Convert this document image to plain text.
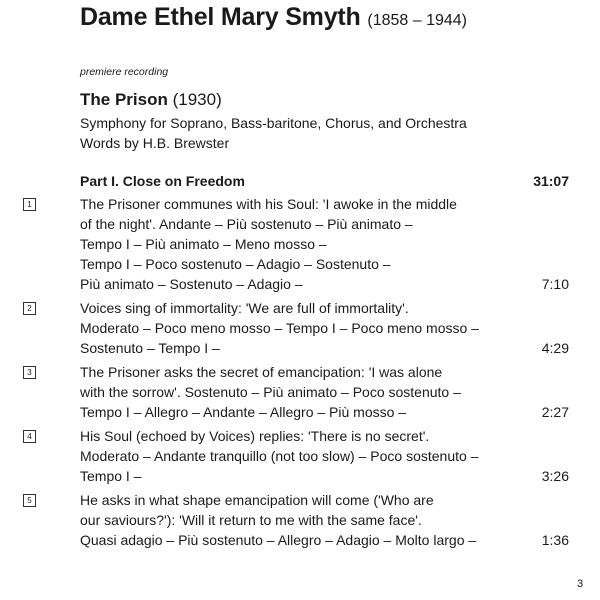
Dame Ethel Mary Smyth (1858 – 1944)
premiere recording
The Prison (1930)
Symphony for Soprano, Bass-baritone, Chorus, and Orchestra
Words by H.B. Brewster
Part I. Close on Freedom	31:07
1	The Prisoner communes with his Soul: 'I awoke in the middle
of the night'. Andante – Più sostenuto – Più animato –
Tempo I – Più animato – Meno mosso –
Tempo I – Poco sostenuto – Adagio – Sostenuto –
Più animato – Sostenuto – Adagio –	7:10
2	Voices sing of immortality: 'We are full of immortality'.
Moderato – Poco meno mosso – Tempo I – Poco meno mosso –
Sostenuto – Tempo I –	4:29
3	The Prisoner asks the secret of emancipation: 'I was alone
with the sorrow'. Sostenuto – Più animato – Poco sostenuto –
Tempo I – Allegro – Andante – Allegro – Più mosso –	2:27
4	His Soul (echoed by Voices) replies: 'There is no secret'.
Moderato – Andante tranquillo (not too slow) – Poco sostenuto –
Tempo I –	3:26
5	He asks in what shape emancipation will come ('Who are
our saviours?'): 'Will it return to me with the same face'.
Quasi adagio – Più sostenuto – Allegro – Adagio – Molto largo –	1:36
3
